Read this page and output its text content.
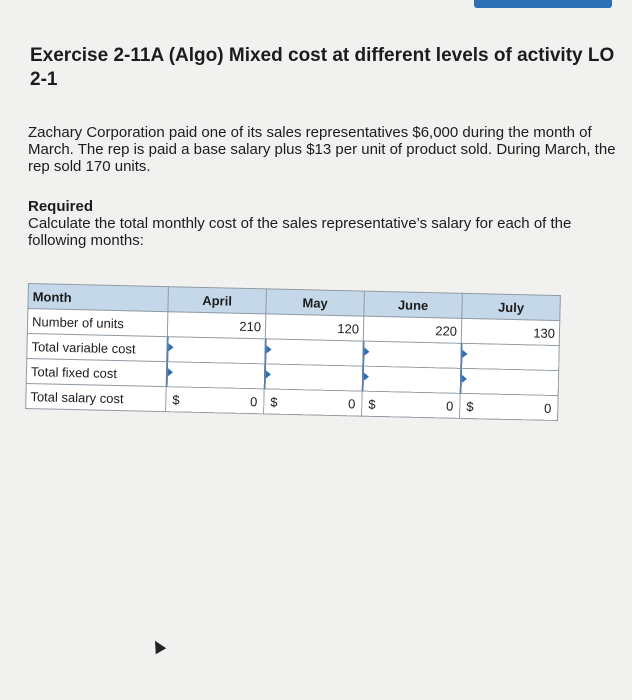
Exercise 2-11A (Algo) Mixed cost at different levels of activity LO 2-1

Zachary Corporation paid one of its sales representatives $6,000 during the month of March. The rep is paid a base salary plus $13 per unit of product sold. During March, the rep sold 170 units.

Required

Calculate the total monthly cost of the sales representative’s salary for each of the following months:

Month	April	May	June	July
Number of units	210	120	220	130
Total variable cost				
Total fixed cost				
Total salary cost	$ 0	$ 0	$ 0	$ 0
